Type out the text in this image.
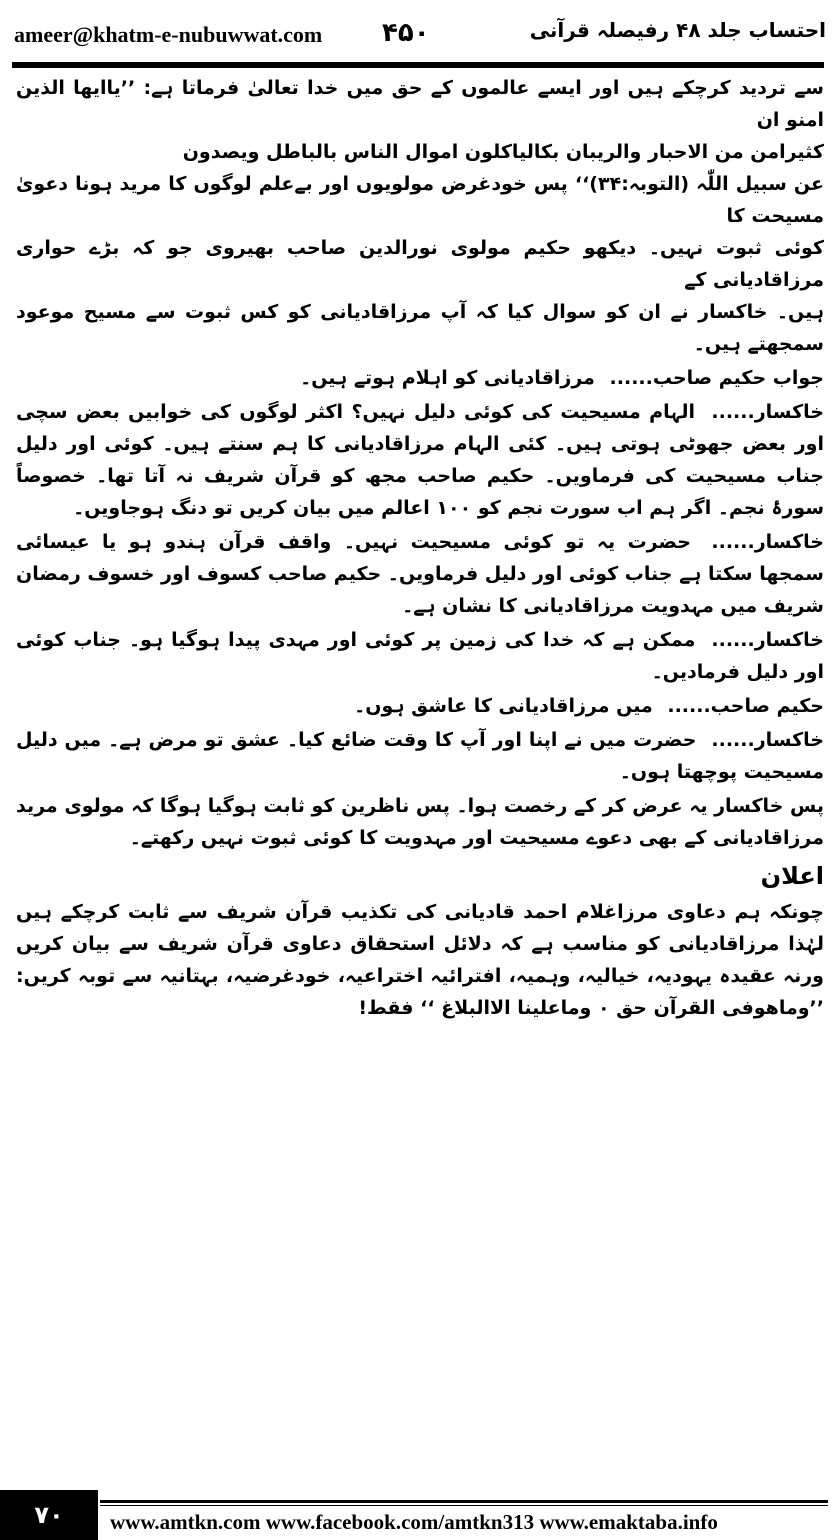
ameer@khatm-e-nubuwwat.com ۴۵۰	احتساب جلد ۴۸ رفیصلہ قرآنی

سے تردید کرچکے ہیں اور ایسے عالموں کے حق میں خدا تعالیٰ فرماتا ہے: ’’یاایھا الذین امنو ان

کثیرامن من الاحبار والریبان بکالیاکلون اموال الناس بالباطل ویصدون

عن سبیل اللّٰہ (التوبہ:۳۴)‘‘ پس خودغرض مولویوں اور بےعلم لوگوں کا مرید ہونا دعویٰ مسیحت کا

کوئی ثبوت نہیں۔ دیکھو حکیم مولوی نورالدین صاحب بھیروی جو کہ بڑے حواری مرزاقادیانی کے

ہیں۔ خاکسار نے ان کو سوال کیا کہ آپ مرزاقادیانی کو کس ثبوت سے مسیح موعود سمجھتے ہیں۔

جواب حکیم صاحب...... مرزاقادیانی کو اہلام ہوتے ہیں۔

خاکسار...... الہام مسیحیت کی کوئی دلیل نہیں؟ اکثر لوگوں کی خوابیں بعض سچی اور بعض جھوٹی ہوتی ہیں۔ کئی الہام مرزاقادیانی کا ہم سنتے ہیں۔ کوئی اور دلیل جناب مسیحیت کی فرماویں۔ حکیم صاحب مجھ کو قرآن شریف نہ آتا تھا۔ خصوصاً سورۂ نجم۔ اگر ہم اب سورت نجم کو ۱۰۰ اعالم میں بیان کریں تو دنگ ہوجاویں۔

خاکسار...... حضرت یہ تو کوئی مسیحیت نہیں۔ واقف قرآن ہندو ہو یا عیسائی سمجھا سکتا ہے جناب کوئی اور دلیل فرماویں۔ حکیم صاحب کسوف اور خسوف رمضان شریف میں مہدویت مرزاقادیانی کا نشان ہے۔

خاکسار...... ممکن ہے کہ خدا کی زمین پر کوئی اور مہدی پیدا ہوگیا ہو۔ جناب کوئی اور دلیل فرمادیں۔

حکیم صاحب...... میں مرزاقادیانی کا عاشق ہوں۔

خاکسار...... حضرت میں نے اپنا اور آپ کا وقت ضائع کیا۔ عشق تو مرض ہے۔ میں دلیل مسیحیت پوچھتا ہوں۔

پس خاکسار یہ عرض کر کے رخصت ہوا۔ پس ناظرین کو ثابت ہوگیا ہوگا کہ مولوی مرید مرزاقادیانی کے بھی دعوے مسیحیت اور مہدویت کا کوئی ثبوت نہیں رکھتے۔

اعلان

چونکہ ہم دعاوی مرزاغلام احمد قادیانی کی تکذیب قرآن شریف سے ثابت کرچکے ہیں لہٰذا مرزاقادیانی کو مناسب ہے کہ دلائل استحقاق دعاوی قرآن شریف سے بیان کریں ورنہ عقیدہ یہودیہ، خیالیہ، وہمیہ، افترائیہ اختراعیہ، خودغرضیہ، بہتانیہ سے توبہ کریں: ’’وماھوفی القرآن حق ۰ وماعلینا الاالبلاغ ‘‘ فقط!

۷۰	www.amtkn.com www.facebook.com/amtkn313 www.emaktaba.info
